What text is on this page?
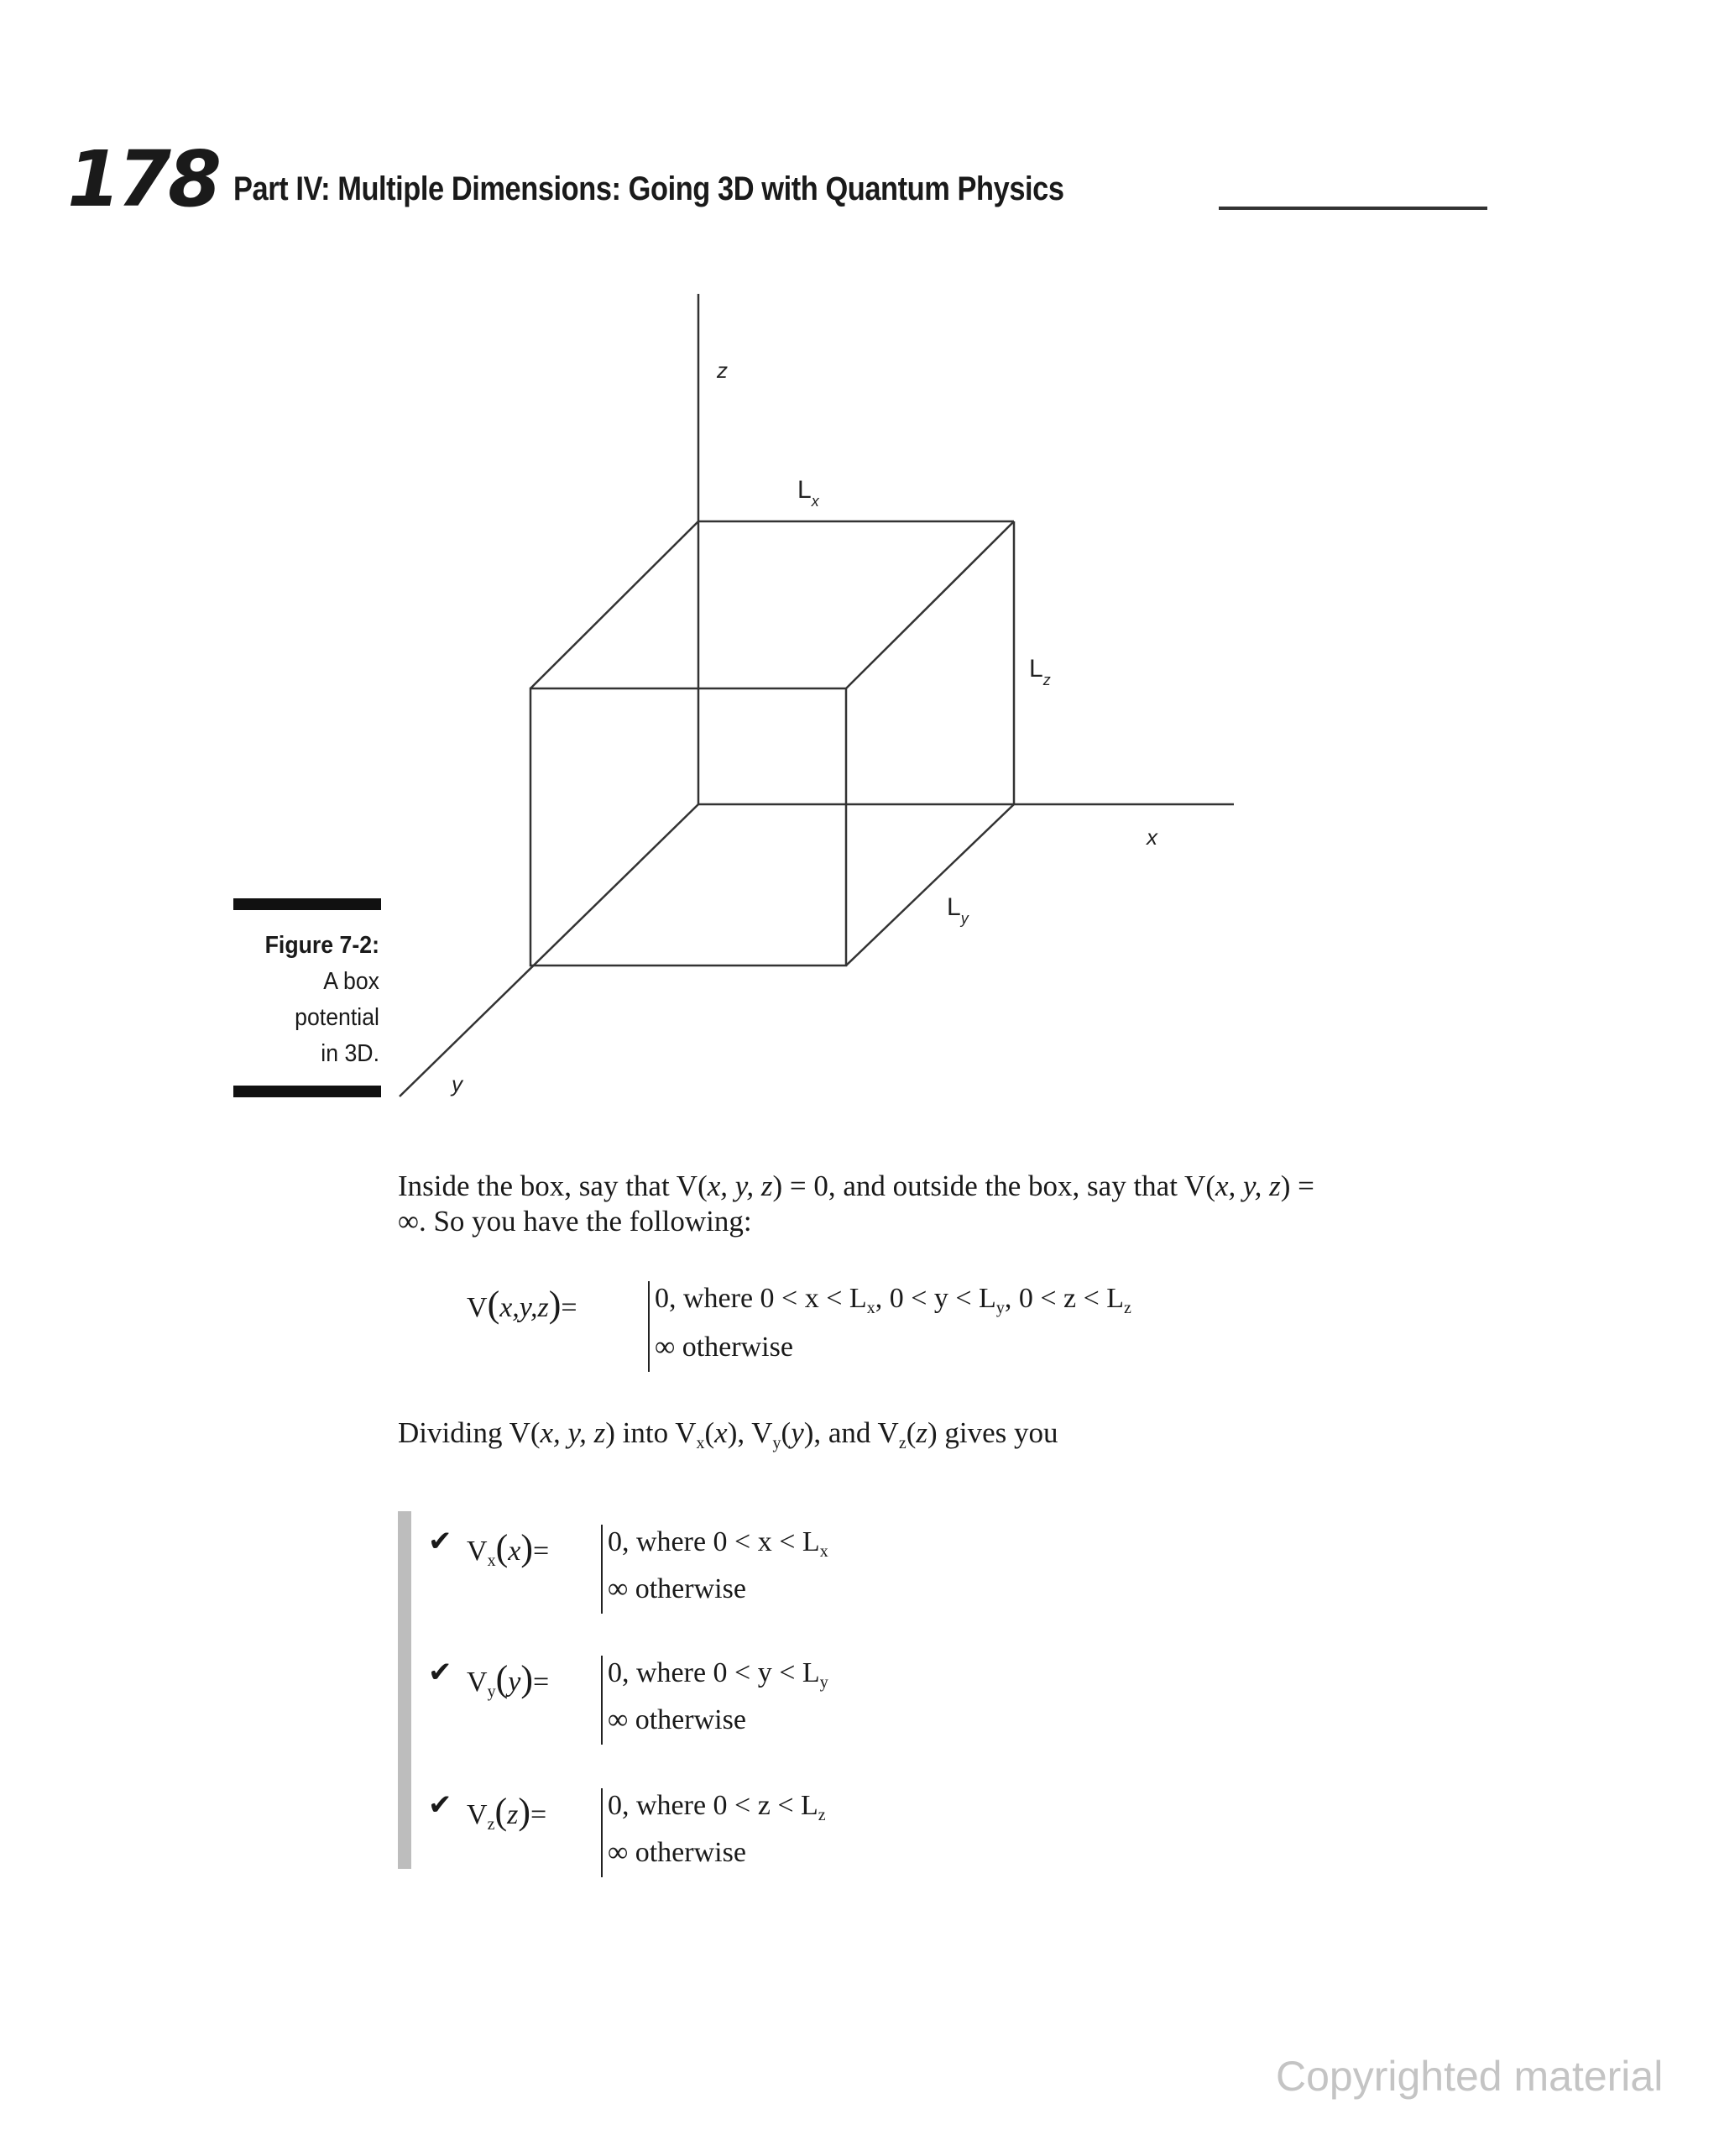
178 Part IV: Multiple Dimensions: Going 3D with Quantum Physics
z
x
y
Lx
Lz
Ly
Figure 7-2:
A box
potential
in 3D.
Inside the box, say that V(x, y, z) = 0, and outside the box, say that V(x, y, z) =
∞. So you have the following:
V(x,y,z)=	0, where $0 < x < L_x$, $0 < y < L_y$, $0 < z < L_z$
∞ otherwise
Dividing V(x, y, z) into $V_x(x)$, $V_y(y)$, and $V_z(z)$ gives you
✔ $V_x(x)= 0$, where $0 < x < L_x$
∞ otherwise
✔ $V_y(y)= 0$, where $0 < y < L_y$
∞ otherwise
✔ $V_z(z)= 0$, where $0 < z < L_z$
∞ otherwise
Copyrighted material
